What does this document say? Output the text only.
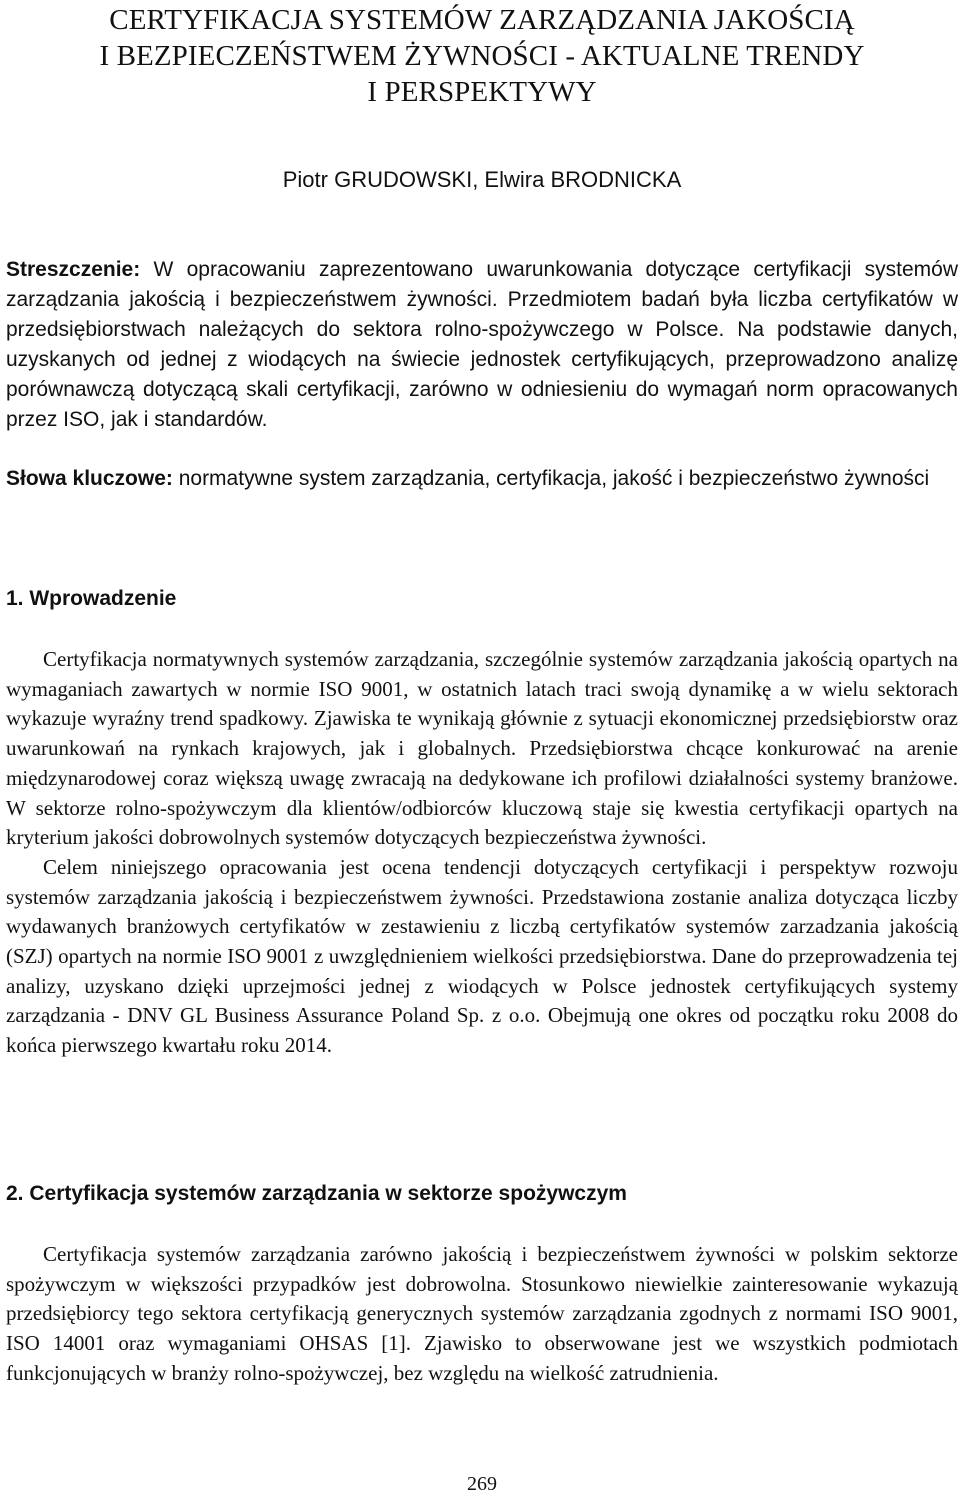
CERTYFIKACJA SYSTEMÓW ZARZĄDZANIA JAKOŚCIĄ
I BEZPIECZEŃSTWEM ŻYWNOŚCI - AKTUALNE TRENDY
I PERSPEKTYWY
Piotr GRUDOWSKI, Elwira BRODNICKA
Streszczenie: W opracowaniu zaprezentowano uwarunkowania dotyczące certyfikacji systemów zarządzania jakością i bezpieczeństwem żywności. Przedmiotem badań była liczba certyfikatów w przedsiębiorstwach należących do sektora rolno-spożywczego w Polsce. Na podstawie danych, uzyskanych od jednej z wiodących na świecie jednostek certyfikujących, przeprowadzono analizę porównawczą dotyczącą skali certyfikacji, zarówno w odniesieniu do wymagań norm opracowanych przez ISO, jak i standardów.
Słowa kluczowe: normatywne system zarządzania, certyfikacja, jakość i bezpieczeństwo żywności
1. Wprowadzenie

Certyfikacja normatywnych systemów zarządzania, szczególnie systemów zarządzania jakością opartych na wymaganiach zawartych w normie ISO 9001, w ostatnich latach traci swoją dynamikę a w wielu sektorach wykazuje wyraźny trend spadkowy. Zjawiska te wynikają głównie z sytuacji ekonomicznej przedsiębiorstw oraz uwarunkowań na rynkach krajowych, jak i globalnych. Przedsiębiorstwa chcące konkurować na arenie międzynarodowej coraz większą uwagę zwracają na dedykowane ich profilowi działalności systemy branżowe. W sektorze rolno-spożywczym dla klientów/odbiorców kluczową staje się kwestia certyfikacji opartych na kryterium jakości dobrowolnych systemów dotyczących bezpieczeństwa żywności.

Celem niniejszego opracowania jest ocena tendencji dotyczących certyfikacji i perspektyw rozwoju systemów zarządzania jakością i bezpieczeństwem żywności. Przedstawiona zostanie analiza dotycząca liczby wydawanych branżowych certyfikatów w zestawieniu z liczbą certyfikatów systemów zarzadzania jakością (SZJ) opartych na normie ISO 9001 z uwzględnieniem wielkości przedsiębiorstwa. Dane do przeprowadzenia tej analizy, uzyskano dzięki uprzejmości jednej z wiodących w Polsce jednostek certyfikujących systemy zarządzania - DNV GL Business Assurance Poland Sp. z o.o. Obejmują one okres od początku roku 2008 do końca pierwszego kwartału roku 2014.

2. Certyfikacja systemów zarządzania w sektorze spożywczym

Certyfikacja systemów zarządzania zarówno jakością i bezpieczeństwem żywności w polskim sektorze spożywczym w większości przypadków jest dobrowolna. Stosunkowo niewielkie zainteresowanie wykazują przedsiębiorcy tego sektora certyfikacją generycznych systemów zarządzania zgodnych z normami ISO 9001, ISO 14001 oraz wymaganiami OHSAS [1]. Zjawisko to obserwowane jest we wszystkich podmiotach funkcjonujących w branży rolno-spożywczej, bez względu na wielkość zatrudnienia.

269
